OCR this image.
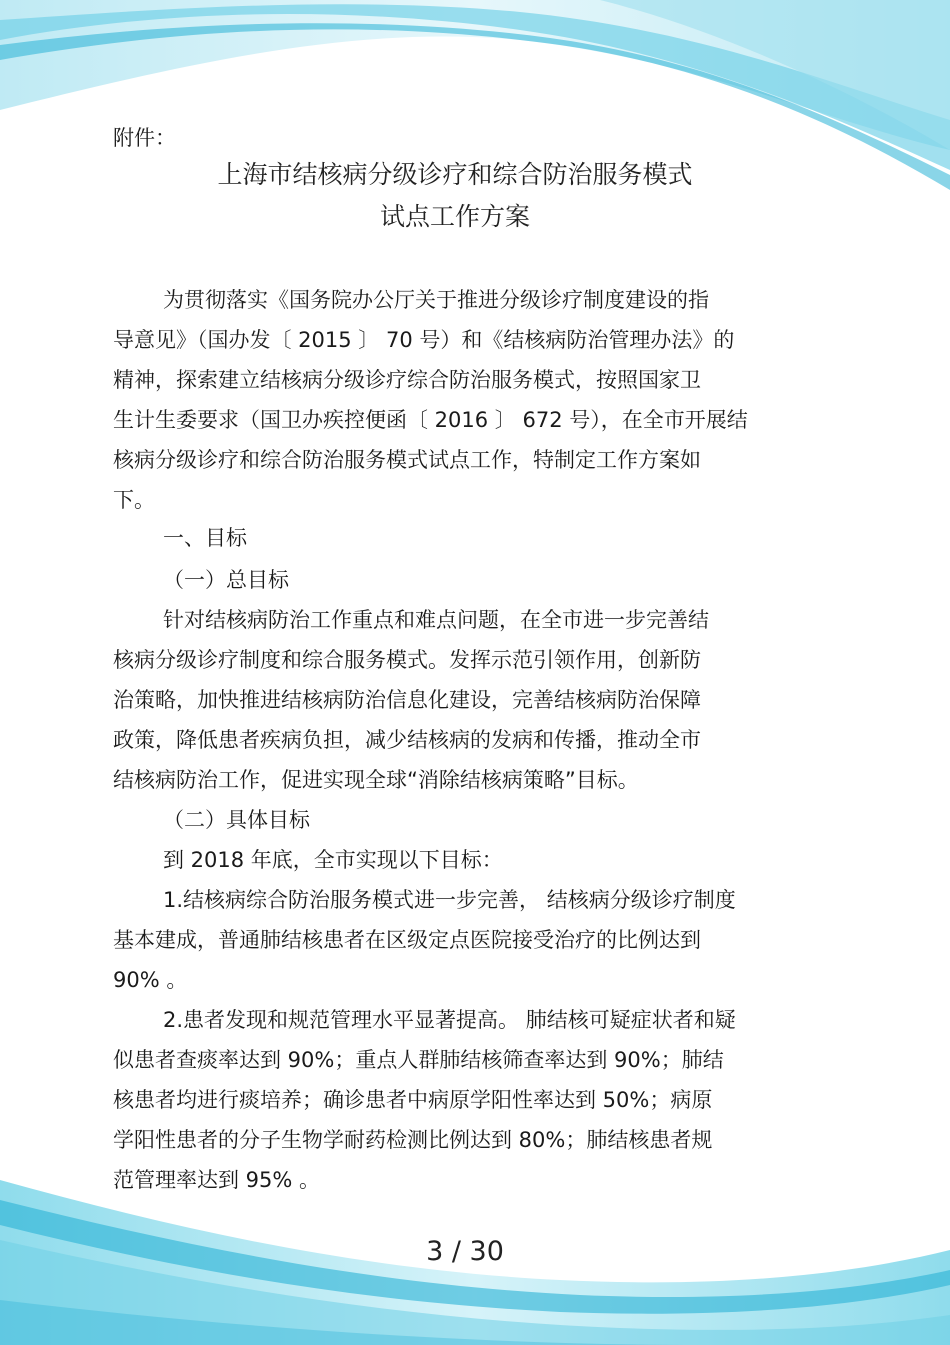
附件：
上海市结核病分级诊疗和综合防治服务模式
试点工作方案
为贯彻落实《国务院办公厅关于推进分级诊疗制度建设的指
导意见》（国办发〔 2015 〕 70 号）和《结核病防治管理办法》的
精神，探索建立结核病分级诊疗综合防治服务模式，按照国家卫
生计生委要求（国卫办疾控便函〔 2016 〕 672 号），在全市开展结
核病分级诊疗和综合防治服务模式试点工作，特制定工作方案如
下。
一、目标
（一）总目标
针对结核病防治工作重点和难点问题，在全市进一步完善结
核病分级诊疗制度和综合服务模式。发挥示范引领作用，创新防
治策略，加快推进结核病防治信息化建设，完善结核病防治保障
政策，降低患者疾病负担，减少结核病的发病和传播，推动全市
结核病防治工作，促进实现全球“消除结核病策略”目标。
（二）具体目标
到 2018 年底，全市实现以下目标：
1.结核病综合防治服务模式进一步完善， 结核病分级诊疗制度
基本建成，普通肺结核患者在区级定点医院接受治疗的比例达到
90% 。
2.患者发现和规范管理水平显著提高。 肺结核可疑症状者和疑
似患者查痰率达到 90%；重点人群肺结核筛查率达到 90%；肺结
核患者均进行痰培养；确诊患者中病原学阳性率达到 50%；病原
学阳性患者的分子生物学耐药检测比例达到 80%；肺结核患者规
范管理率达到 95% 。
3 / 30
